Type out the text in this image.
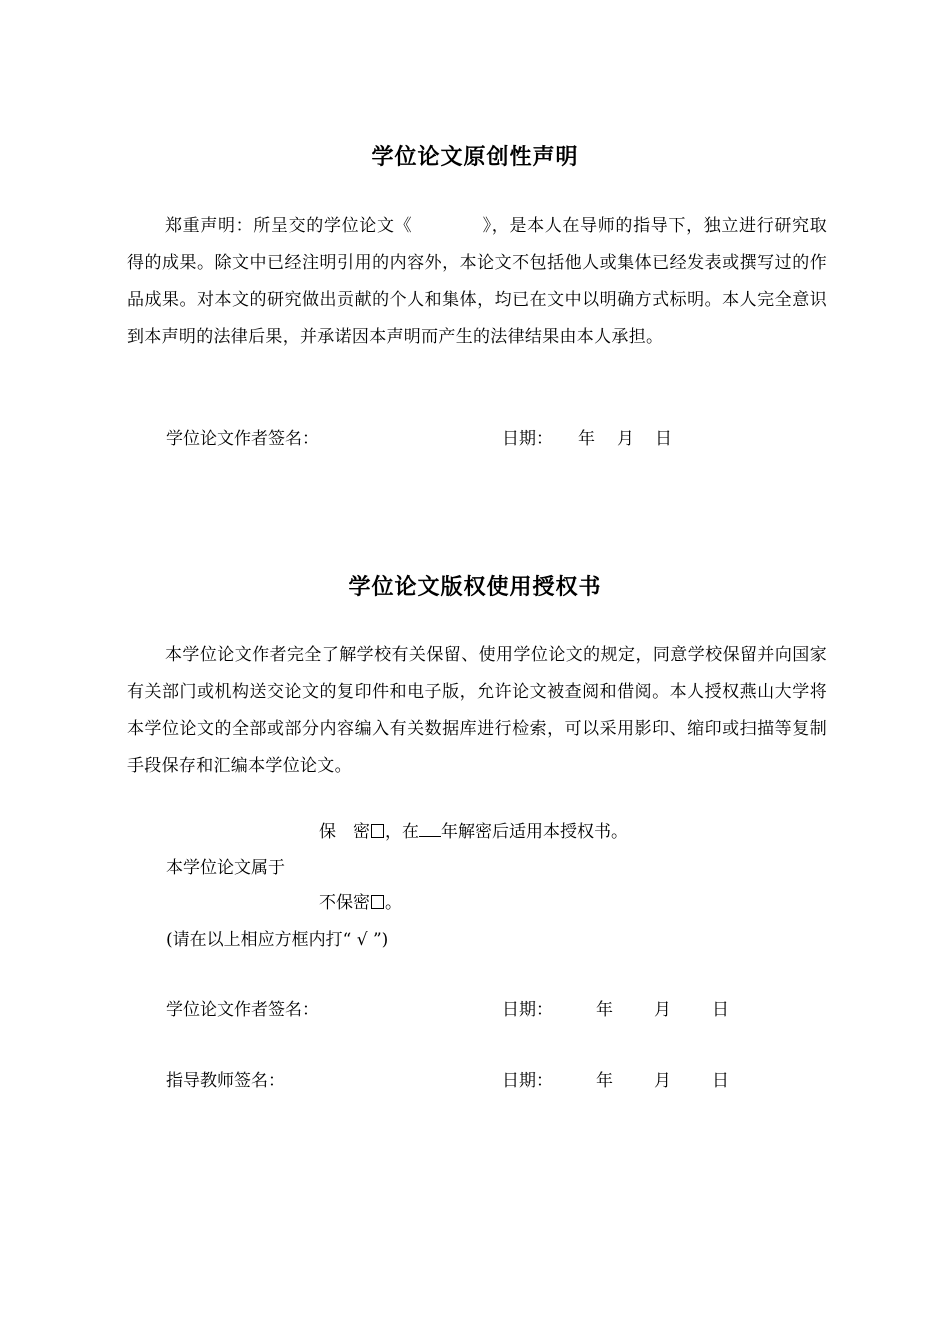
学位论文原创性声明

郑重声明：所呈交的学位论文《	》，是本人在导师的指导下，独立进行研究取得的成果。除文中已经注明引用的内容外，本论文不包括他人或集体已经发表或撰写过的作品成果。对本文的研究做出贡献的个人和集体，均已在文中以明确方式标明。本人完全意识到本声明的法律后果，并承诺因本声明而产生的法律结果由本人承担。

学位论文作者签名：	日期： 年 月 日
学位论文版权使用授权书

本学位论文作者完全了解学校有关保留、使用学位论文的规定，同意学校保留并向国家有关部门或机构送交论文的复印件和电子版，允许论文被查阅和借阅。本人授权燕山大学将本学位论文的全部或部分内容编入有关数据库进行检索，可以采用影印、缩印或扫描等复制手段保存和汇编本学位论文。

保　密 ，在 年解密后适用本授权书。
本学位论文属于
不保密 。
(请在以上相应方框内打“ √ ”)
学位论文作者签名：	日期：	年 月 日
指导教师签名：	日期：	年 月 日
